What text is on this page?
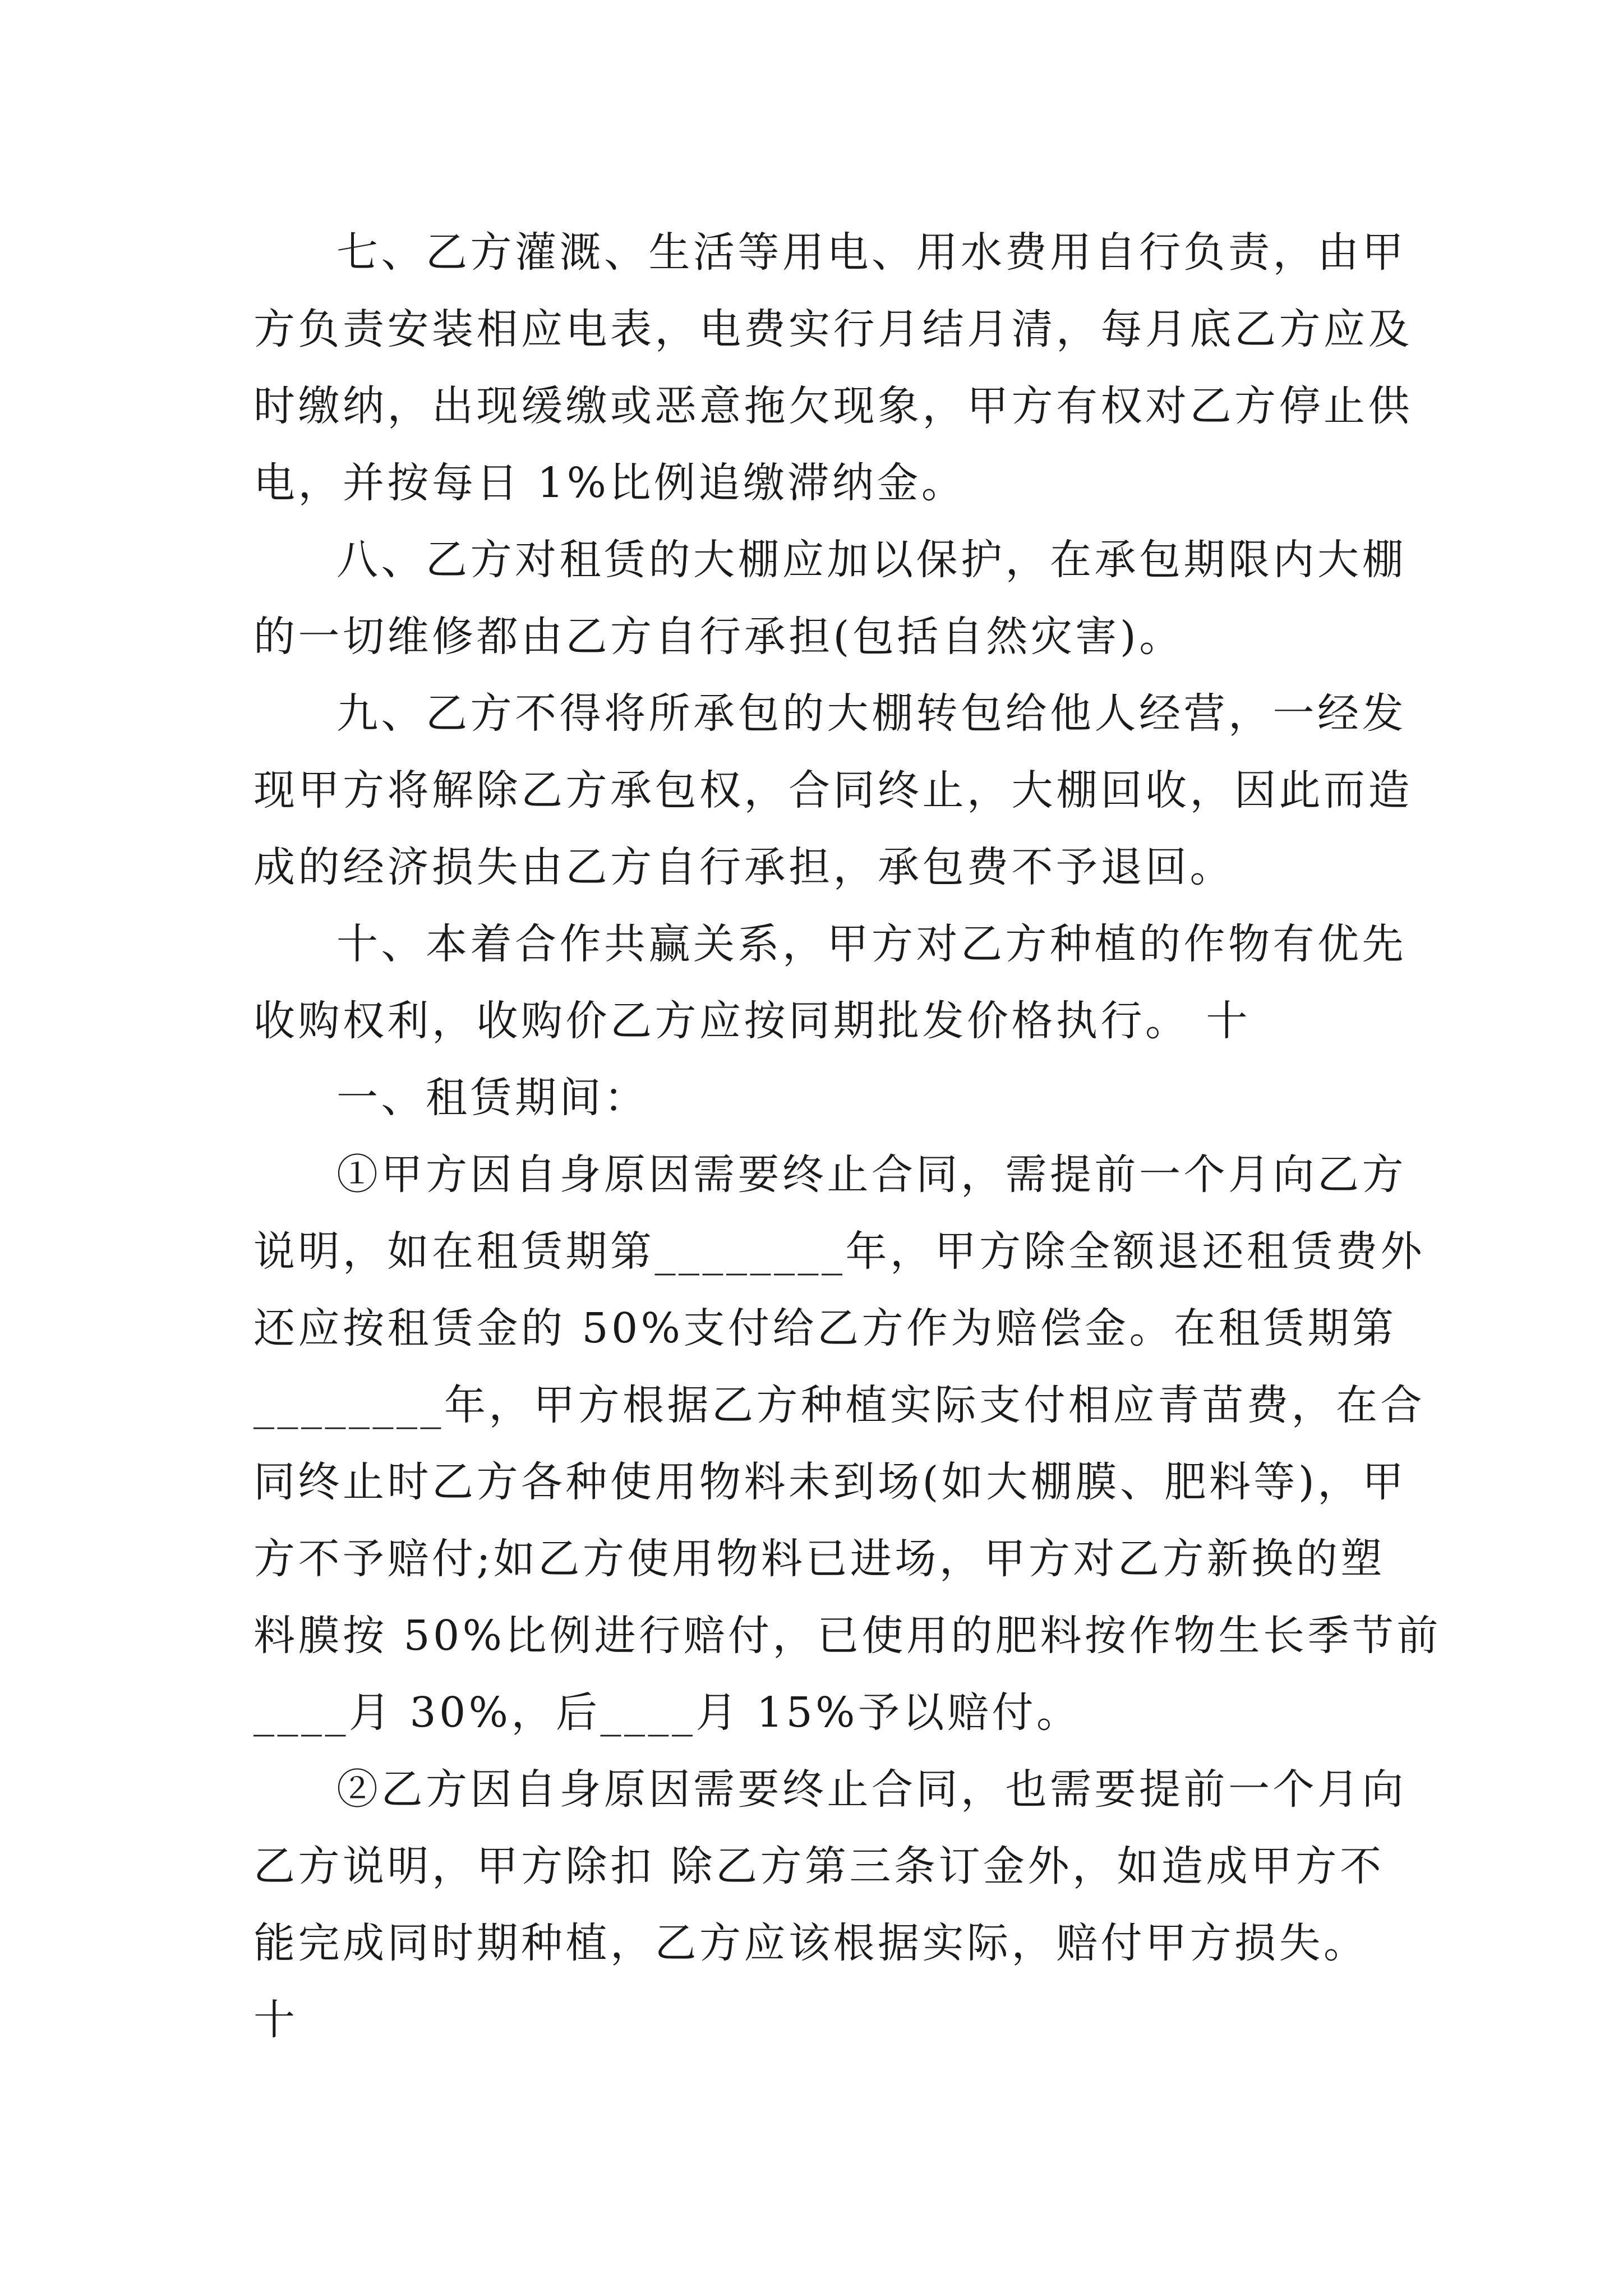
七、乙方灌溉、生活等用电、用水费用自行负责，由甲
方负责安装相应电表，电费实行月结月清，每月底乙方应及
时缴纳，出现缓缴或恶意拖欠现象，甲方有权对乙方停止供
电，并按每日 1%比例追缴滞纳金。
八、乙方对租赁的大棚应加以保护，在承包期限内大棚
的一切维修都由乙方自行承担(包括自然灾害)。
九、乙方不得将所承包的大棚转包给他人经营，一经发
现甲方将解除乙方承包权，合同终止，大棚回收，因此而造
成的经济损失由乙方自行承担，承包费不予退回。
十、本着合作共赢关系，甲方对乙方种植的作物有优先
收购权利，收购价乙方应按同期批发价格执行。 十
一、租赁期间：
①甲方因自身原因需要终止合同，需提前一个月向乙方
说明，如在租赁期第________年，甲方除全额退还租赁费外
还应按租赁金的 50%支付给乙方作为赔偿金。在租赁期第
________年，甲方根据乙方种植实际支付相应青苗费，在合
同终止时乙方各种使用物料未到场(如大棚膜、肥料等)，甲
方不予赔付;如乙方使用物料已进场，甲方对乙方新换的塑
料膜按 50%比例进行赔付，已使用的肥料按作物生长季节前
____月 30%，后____月 15%予以赔付。
②乙方因自身原因需要终止合同，也需要提前一个月向
乙方说明，甲方除扣 除乙方第三条订金外，如造成甲方不
能完成同时期种植，乙方应该根据实际，赔付甲方损失。
十
